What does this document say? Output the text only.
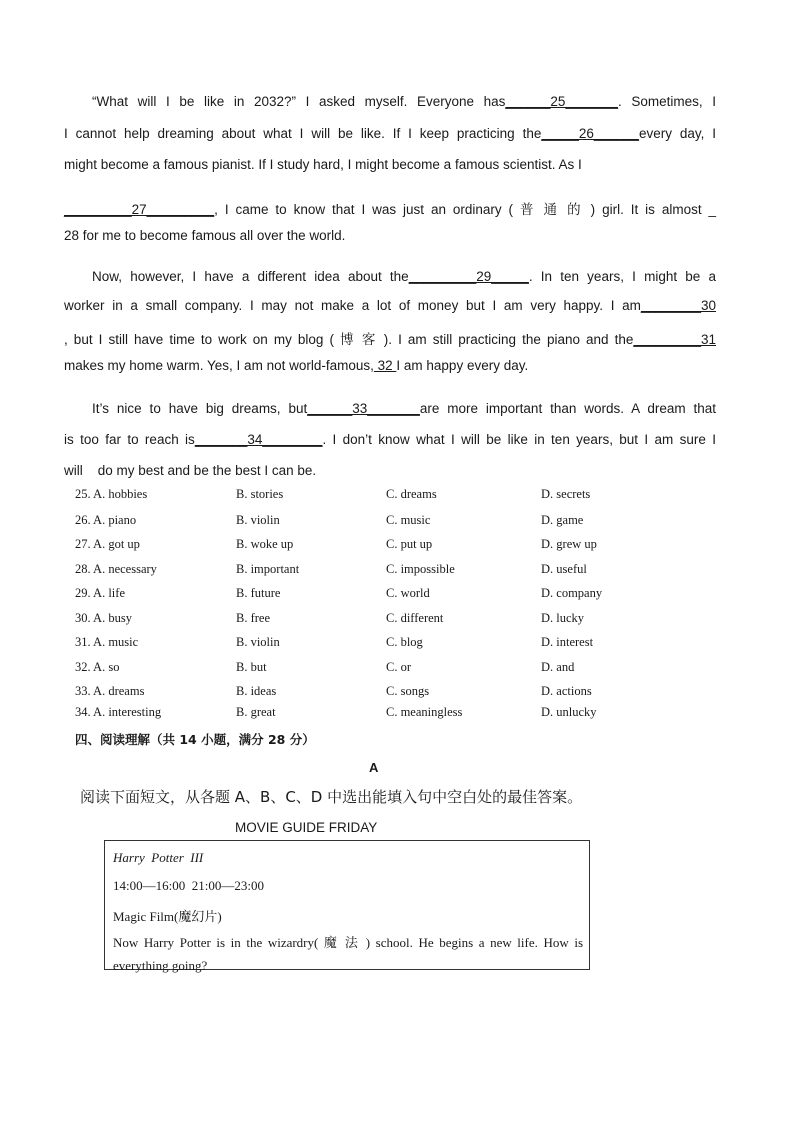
“What will I be like in 2032?” I asked myself. Everyone has______25_______. Sometimes, I
I cannot help dreaming about what I will be like. If I keep practicing the_____26______every day, I
might become a famous pianist. If I study hard, I might become a famous scientist. As I
_________27_________, I came to know that I was just an ordinary ( 普 通 的 ) girl. It is almost _
28 for me to become famous all over the world.
Now, however, I have a different idea about the_________29_____. In ten years, I might be a
worker in a small company. I may not make a lot of money but I am very happy. I am________30
, but I still have time to work on my blog ( 博 客 ). I am still practicing the piano and the_________31
makes my home warm. Yes, I am not world-famous, 32 I am happy every day.
It’s nice to have big dreams, but______33_______are more important than words. A dream that
is too far to reach is_______34________. I don’t know what I will be like in ten years, but I am sure I
will    do my best and be the best I can be.
25. A. hobbies	B. stories	C. dreams	D. secrets
26. A. piano	B. violin	C. music	D. game
27. A. got up	B. woke up	C. put up	D. grew up
28. A. necessary	B. important	C. impossible	D. useful
29. A. life	B. future	C. world	D. company
30. A. busy	B. free	C. different	D. lucky
31. A. music	B. violin	C. blog	D. interest
32. A. so	B. but	C. or	D. and
33. A. dreams	B. ideas	C. songs	D. actions
34. A. interesting	B. great	C. meaningless	D. unlucky
四、阅读理解（共 14 小题，满分 28 分）
A
阅读下面短文，从各题 A、B、C、D 中选出能填入句中空白处的最佳答案。
MOVIE GUIDE FRIDAY
Harry  Potter  III
14:00—16:00  21:00—23:00
Magic Film(魔幻片)
Now Harry Potter is in the wizardry( 魔 法 ) school. He begins a new life. How is everything going?
